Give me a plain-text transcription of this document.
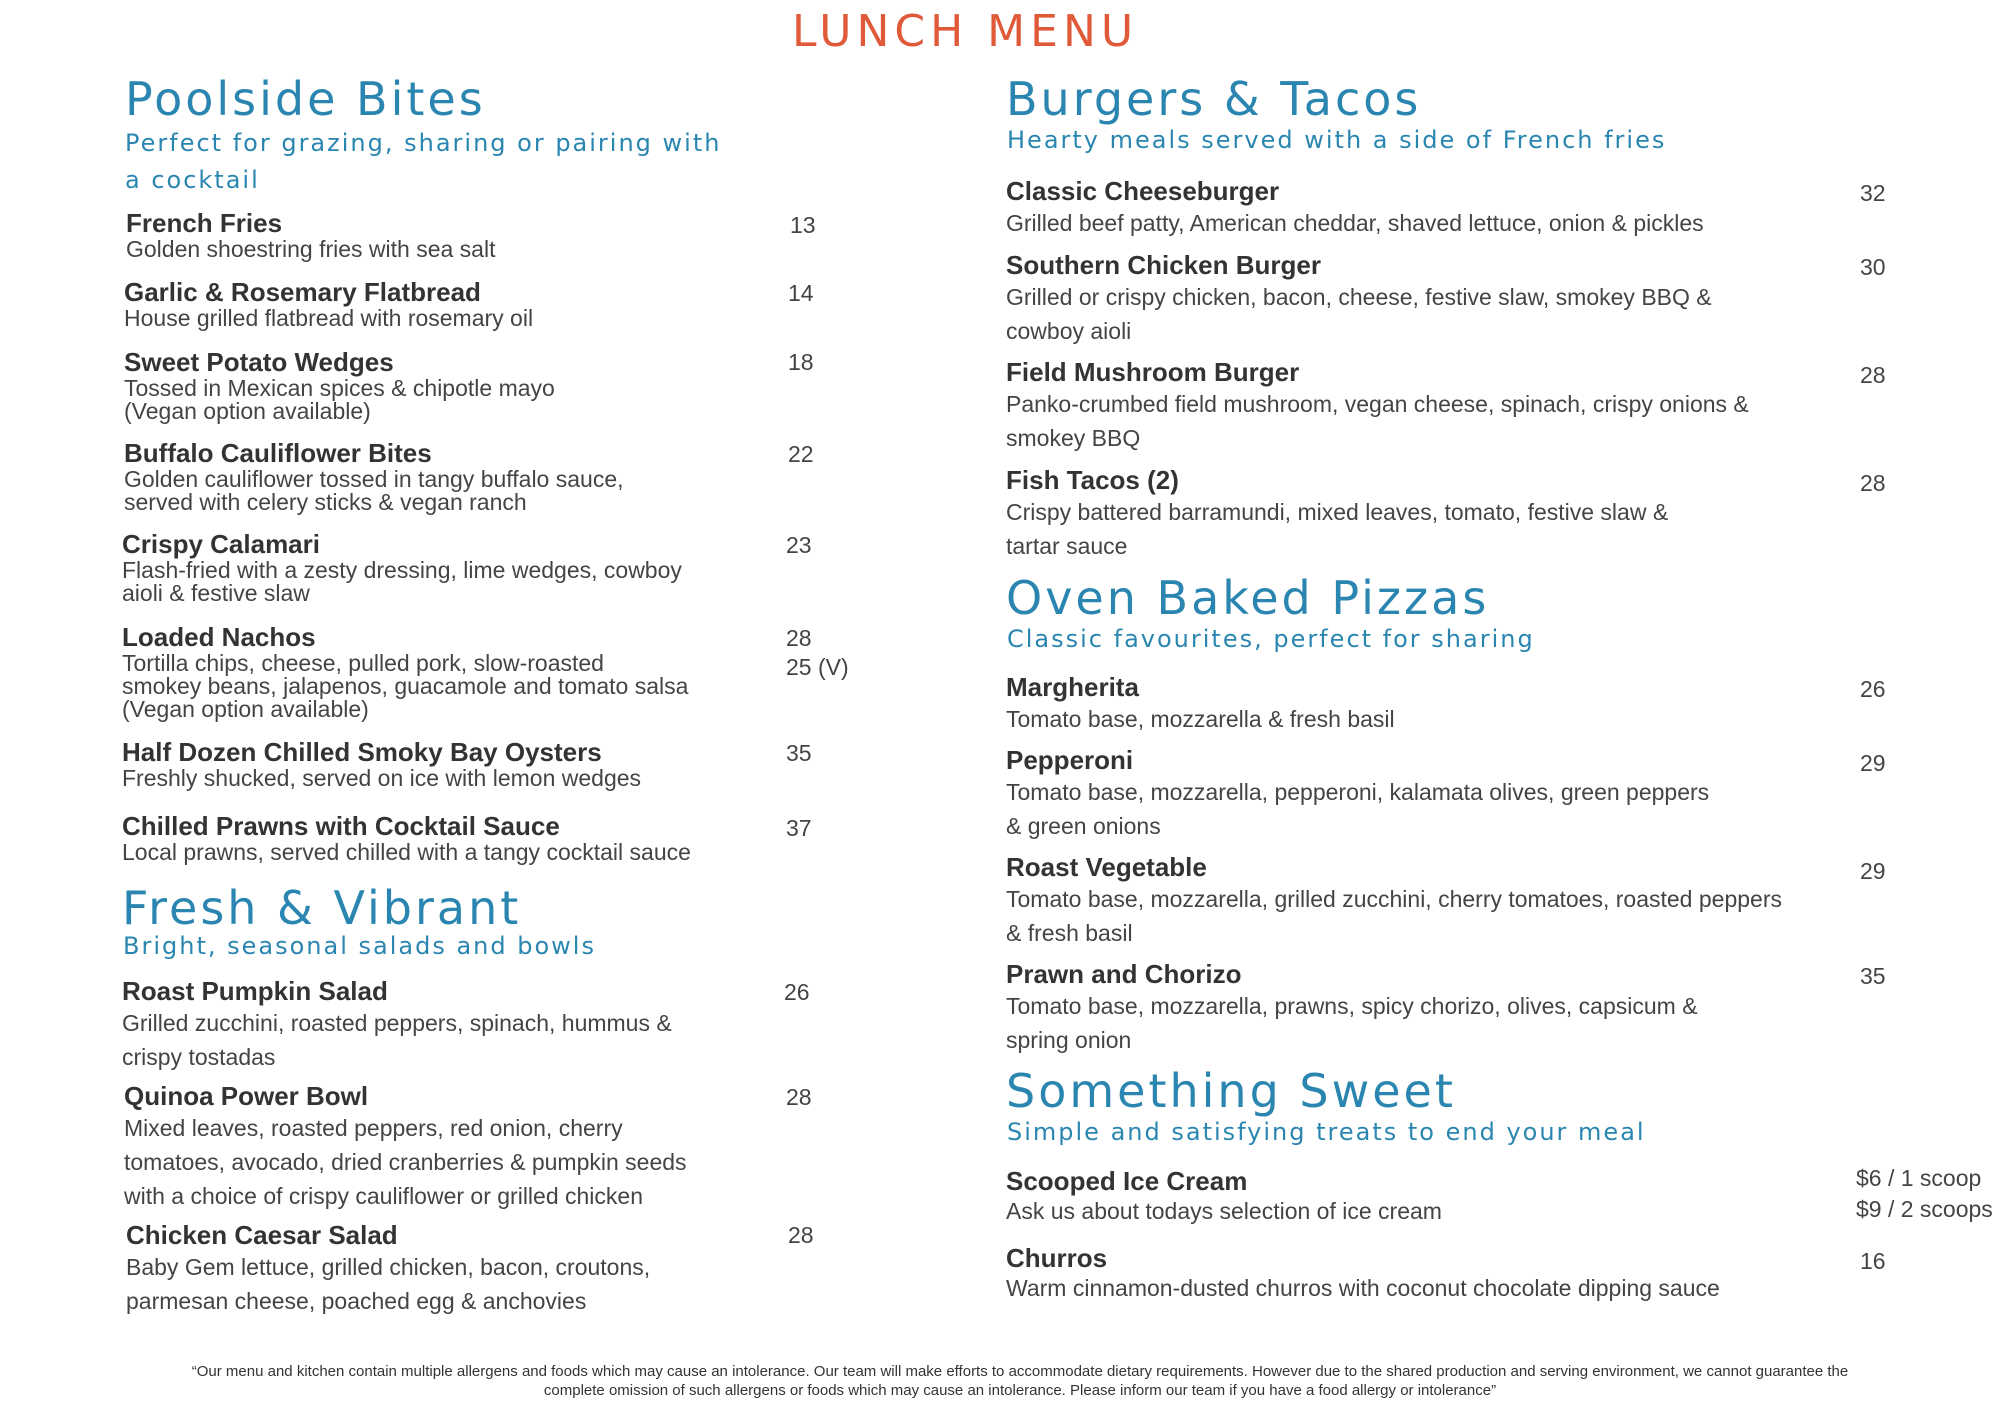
LUNCH MENU
Poolside Bites
Perfect for grazing, sharing or pairing with
a cocktail
French Fries
Golden shoestring fries with sea salt
13
Garlic & Rosemary Flatbread
House grilled flatbread with rosemary oil
14
Sweet Potato Wedges
Tossed in Mexican spices & chipotle mayo
(Vegan option available)
18
Buffalo Cauliflower Bites
Golden cauliflower tossed in tangy buffalo sauce,
served with celery sticks & vegan ranch
22
Crispy Calamari
Flash-fried with a zesty dressing, lime wedges, cowboy
aioli & festive slaw
23
Loaded Nachos
Tortilla chips, cheese, pulled pork, slow-roasted
smokey beans, jalapenos, guacamole and tomato salsa
(Vegan option available)
28
25 (V)
Half Dozen Chilled Smoky Bay Oysters
Freshly shucked, served on ice with lemon wedges
35
Chilled Prawns with Cocktail Sauce
Local prawns, served chilled with a tangy cocktail sauce
37
Fresh & Vibrant
Bright, seasonal salads and bowls
Roast Pumpkin Salad
Grilled zucchini, roasted peppers, spinach, hummus &
crispy tostadas
26
Quinoa Power Bowl
Mixed leaves, roasted peppers, red onion, cherry
tomatoes, avocado, dried cranberries & pumpkin seeds
with a choice of crispy cauliflower or grilled chicken
28
Chicken Caesar Salad
Baby Gem lettuce, grilled chicken, bacon, croutons,
parmesan cheese, poached egg & anchovies
28
Burgers & Tacos
Hearty meals served with a side of French fries
Classic Cheeseburger
Grilled beef patty, American cheddar, shaved lettuce, onion & pickles
32
Southern Chicken Burger
Grilled or crispy chicken, bacon, cheese, festive slaw, smokey BBQ &
cowboy aioli
30
Field Mushroom Burger
Panko-crumbed field mushroom, vegan cheese, spinach, crispy onions &
smokey BBQ
28
Fish Tacos (2)
Crispy battered barramundi, mixed leaves, tomato, festive slaw &
tartar sauce
28
Oven Baked Pizzas
Classic favourites, perfect for sharing
Margherita
Tomato base, mozzarella & fresh basil
26
Pepperoni
Tomato base, mozzarella, pepperoni, kalamata olives, green peppers
& green onions
29
Roast Vegetable
Tomato base, mozzarella, grilled zucchini, cherry tomatoes, roasted peppers
& fresh basil
29
Prawn and Chorizo
Tomato base, mozzarella, prawns, spicy chorizo, olives, capsicum &
spring onion
35
Something Sweet
Simple and satisfying treats to end your meal
Scooped Ice Cream
Ask us about todays selection of ice cream
$6 / 1 scoop
$9 / 2 scoops
Churros
Warm cinnamon-dusted churros with coconut chocolate dipping sauce
16
“Our menu and kitchen contain multiple allergens and foods which may cause an intolerance. Our team will make efforts to accommodate dietary requirements. However due to the shared production and serving environment, we cannot guarantee the
complete omission of such allergens or foods which may cause an intolerance. Please inform our team if you have a food allergy or intolerance”
